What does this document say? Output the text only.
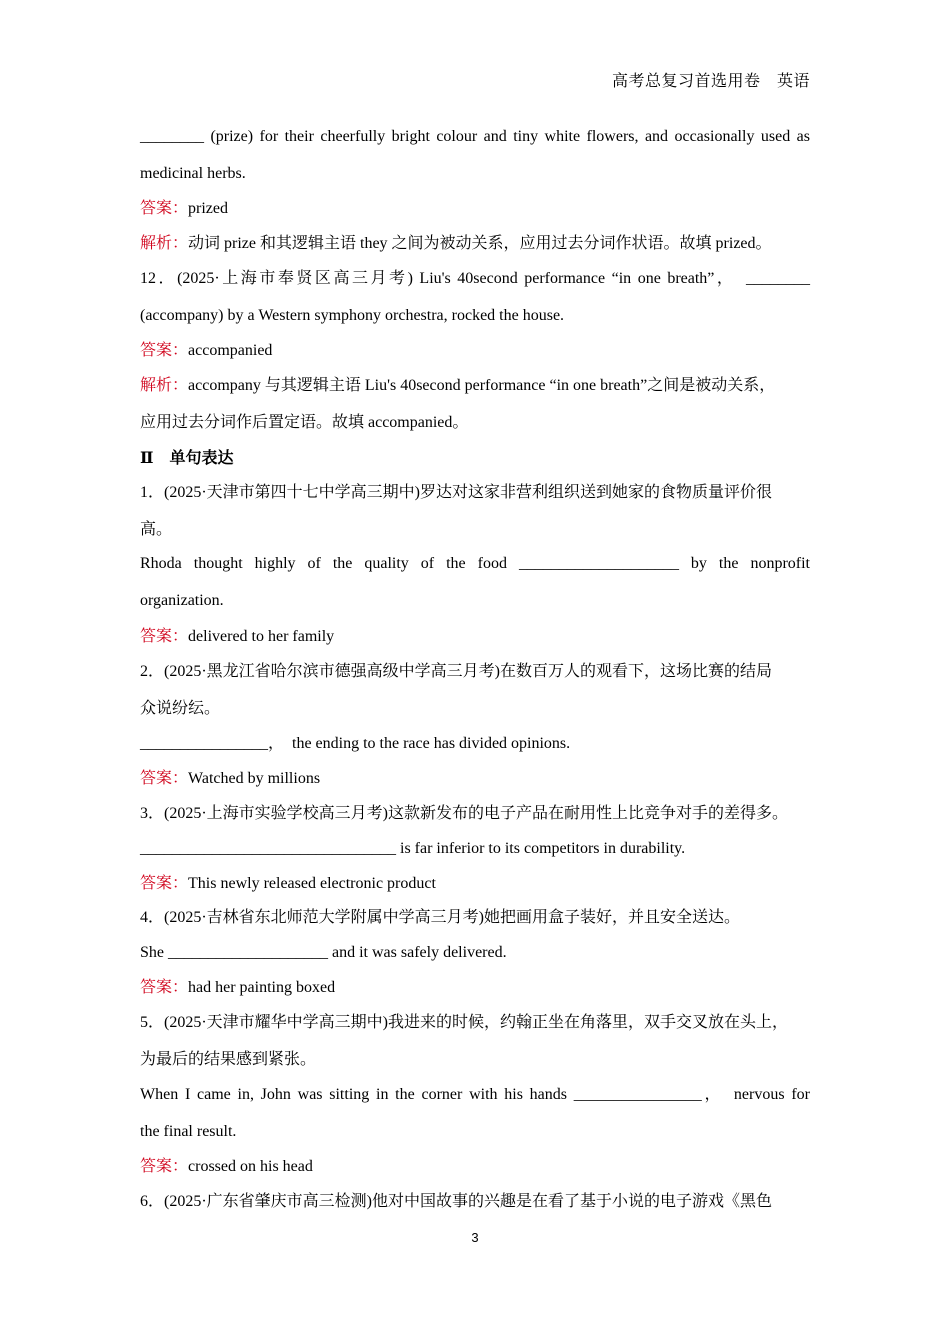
高考总复习首选用卷　英语
________ (prize) for their cheerfully bright colour and tiny white flowers, and occasionally used as
medicinal herbs.
答案：prized
解析：动词 prize 和其逻辑主语 they 之间为被动关系，应用过去分词作状语。故填 prized。
12．(2025·上海市奉贤区高三月考) Liu's 40second performance “in one breath”，　________
(accompany) by a Western symphony orchestra, rocked the house.
答案：accompanied
解析：accompany 与其逻辑主语 Liu's 40second performance “in one breath”之间是被动关系，
应用过去分词作后置定语。故填 accompanied。
Ⅱ　 单句表达
1．(2025·天津市第四十七中学高三期中)罗达对这家非营利组织送到她家的食物质量评价很
高。
Rhoda thought highly of the quality of the food ____________________ by the nonprofit
organization.
答案：delivered to her family
2．(2025·黑龙江省哈尔滨市德强高级中学高三月考)在数百万人的观看下，这场比赛的结局
众说纷纭。
________________，　the ending to the race has divided opinions.
答案：Watched by millions
3．(2025·上海市实验学校高三月考)这款新发布的电子产品在耐用性上比竞争对手的差得多。
________________________________ is far inferior to its competitors in durability.
答案：This newly released electronic product
4．(2025·吉林省东北师范大学附属中学高三月考)她把画用盒子装好，并且安全送达。
She ____________________ and it was safely delivered.
答案：had her painting boxed
5．(2025·天津市耀华中学高三期中)我进来的时候，约翰正坐在角落里，双手交叉放在头上，
为最后的结果感到紧张。
When I came in, John was sitting in the corner with his hands ________________，　nervous for
the final result.
答案：crossed on his head
6．(2025·广东省肇庆市高三检测)他对中国故事的兴趣是在看了基于小说的电子游戏《黑色
3
